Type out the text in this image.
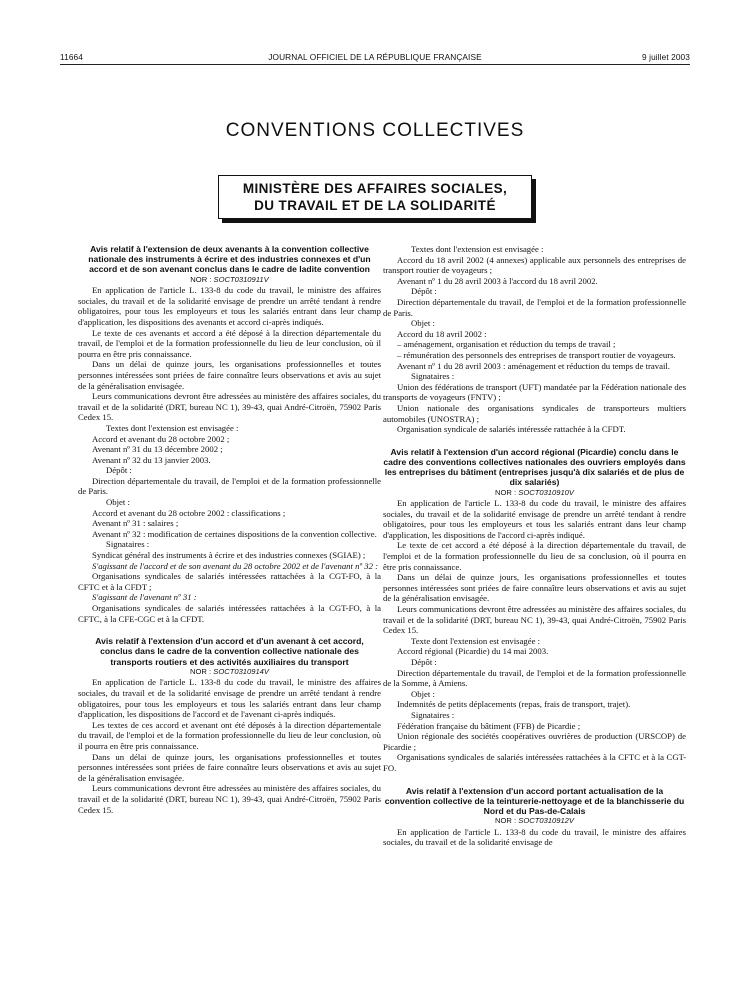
11664	JOURNAL OFFICIEL DE LA RÉPUBLIQUE FRANÇAISE	9 juillet 2003
CONVENTIONS COLLECTIVES
MINISTÈRE DES AFFAIRES SOCIALES,
DU TRAVAIL ET DE LA SOLIDARITÉ

Avis relatif à l'extension de deux avenants à la convention collective nationale des instruments à écrire et des industries connexes et d'un accord et de son avenant conclus dans le cadre de ladite convention

NOR : SOCT0310911V

En application de l'article L. 133-8 du code du travail, le ministre des affaires sociales, du travail et de la solidarité envisage de prendre un arrêté tendant à rendre obligatoires, pour tous les employeurs et tous les salariés entrant dans leur champ d'application, les dispositions des avenants et accord ci-après indiqués.

Le texte de ces avenants et accord a été déposé à la direction départementale du travail, de l'emploi et de la formation professionnelle du lieu de leur conclusion, où il pourra en être pris connaissance.

Dans un délai de quinze jours, les organisations professionnelles et toutes personnes intéressées sont priées de faire connaître leurs observations et avis au sujet de la généralisation envisagée.

Leurs communications devront être adressées au ministère des affaires sociales, du travail et de la solidarité (DRT, bureau NC 1), 39-43, quai André-Citroën, 75902 Paris Cedex 15.

Textes dont l'extension est envisagée :

Accord et avenant du 28 octobre 2002 ;

Avenant nº 31 du 13 décembre 2002 ;

Avenant nº 32 du 13 janvier 2003.

Dépôt :

Direction départementale du travail, de l'emploi et de la formation professionnelle de Paris.

Objet :

Accord et avenant du 28 octobre 2002 : classifications ;

Avenant nº 31 : salaires ;

Avenant nº 32 : modification de certaines dispositions de la convention collective.

Signataires :

Syndicat général des instruments à écrire et des industries connexes (SGIAE) ;

S'agissant de l'accord et de son avenant du 28 octobre 2002 et de l'avenant nº 32 :

Organisations syndicales de salariés intéressées rattachées à la CGT-FO, à la CFTC et à la CFDT ;

S'agissant de l'avenant nº 31 :

Organisations syndicales de salariés intéressées rattachées à la CGT-FO, à la CFTC, à la CFE-CGC et à la CFDT.

Avis relatif à l'extension d'un accord et d'un avenant à cet accord, conclus dans le cadre de la convention collective nationale des transports routiers et des activités auxiliaires du transport

NOR : SOCT0310914V

En application de l'article L. 133-8 du code du travail, le ministre des affaires sociales, du travail et de la solidarité envisage de prendre un arrêté tendant à rendre obligatoires, pour tous les employeurs et tous les salariés entrant dans leur champ d'application, les dispositions de l'accord et de l'avenant ci-après indiqués.

Les textes de ces accord et avenant ont été déposés à la direction départementale du travail, de l'emploi et de la formation professionnelle du lieu de leur conclusion, où il pourra en être pris connaissance.

Dans un délai de quinze jours, les organisations professionnelles et toutes personnes intéressées sont priées de faire connaître leurs observations et avis au sujet de la généralisation envisagée.

Leurs communications devront être adressées au ministère des affaires sociales, du travail et de la solidarité (DRT, bureau NC 1), 39-43, quai André-Citroën, 75902 Paris Cedex 15.

Textes dont l'extension est envisagée :

Accord du 18 avril 2002 (4 annexes) applicable aux personnels des entreprises de transport routier de voyageurs ;

Avenant nº 1 du 28 avril 2003 à l'accord du 18 avril 2002.

Dépôt :

Direction départementale du travail, de l'emploi et de la formation professionnelle de Paris.

Objet :

Accord du 18 avril 2002 :

– aménagement, organisation et réduction du temps de travail ;

– rémunération des personnels des entreprises de transport routier de voyageurs.

Avenant nº 1 du 28 avril 2003 : aménagement et réduction du temps de travail.

Signataires :

Union des fédérations de transport (UFT) mandatée par la Fédération nationale des transports de voyageurs (FNTV) ;

Union nationale des organisations syndicales de transporteurs multiers automobiles (UNOSTRA) ;

Organisation syndicale de salariés intéressée rattachée à la CFDT.

Avis relatif à l'extension d'un accord régional (Picardie) conclu dans le cadre des conventions collectives nationales des ouvriers employés dans les entreprises du bâtiment (entreprises jusqu'à dix salariés et de plus de dix salariés)

NOR : SOCT0310910V

En application de l'article L. 133-8 du code du travail, le ministre des affaires sociales, du travail et de la solidarité envisage de prendre un arrêté tendant à rendre obligatoires, pour tous les employeurs et tous les salariés entrant dans leur champ d'application, les dispositions de l'accord ci-après indiqué.

Le texte de cet accord a été déposé à la direction départementale du travail, de l'emploi et de la formation professionnelle du lieu de sa conclusion, où il pourra en être pris connaissance.

Dans un délai de quinze jours, les organisations professionnelles et toutes personnes intéressées sont priées de faire connaître leurs observations et avis au sujet de la généralisation envisagée.

Leurs communications devront être adressées au ministère des affaires sociales, du travail et de la solidarité (DRT, bureau NC 1), 39-43, quai André-Citroën, 75902 Paris Cedex 15.

Texte dont l'extension est envisagée :

Accord régional (Picardie) du 14 mai 2003.

Dépôt :

Direction départementale du travail, de l'emploi et de la formation professionnelle de la Somme, à Amiens.

Objet :

Indemnités de petits déplacements (repas, frais de transport, trajet).

Signataires :

Fédération française du bâtiment (FFB) de Picardie ;

Union régionale des sociétés coopératives ouvrières de production (URSCOP) de Picardie ;

Organisations syndicales de salariés intéressées rattachées à la CFTC et à la CGT-FO.

Avis relatif à l'extension d'un accord portant actualisation de la convention collective de la teinturerie-nettoyage et de la blanchisserie du Nord et du Pas-de-Calais

NOR : SOCT0310912V

En application de l'article L. 133-8 du code du travail, le ministre des affaires sociales, du travail et de la solidarité envisage de
